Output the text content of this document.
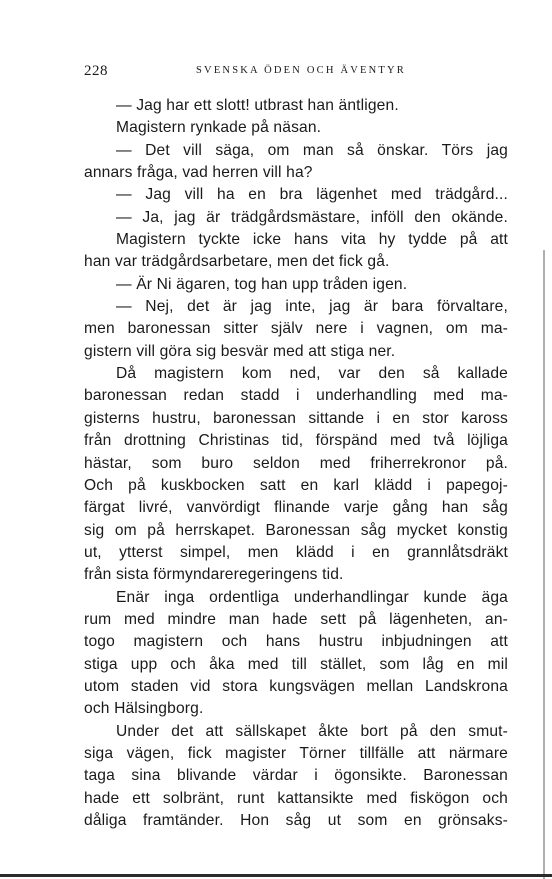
228	SVENSKA ÖDEN OCH ÄVENTYR
— Jag har ett slott! utbrast han äntligen.
Magistern rynkade på näsan.
— Det vill säga, om man så önskar. Törs jag
annars fråga, vad herren vill ha?
— Jag vill ha en bra lägenhet med trädgård...
— Ja, jag är trädgårdsmästare, inföll den okände.
Magistern tyckte icke hans vita hy tydde på att
han var trädgårdsarbetare, men det fick gå.
— Är Ni ägaren, tog han upp tråden igen.
— Nej, det är jag inte, jag är bara förvaltare,
men baronessan sitter själv nere i vagnen, om ma-
gistern vill göra sig besvär med att stiga ner.
Då magistern kom ned, var den så kallade
baronessan redan stadd i underhandling med ma-
gisterns hustru, baronessan sittande i en stor kaross
från drottning Christinas tid, förspänd med två löjliga
hästar, som buro seldon med friherrekronor på.
Och på kuskbocken satt en karl klädd i papegoj-
färgat livré, vanvördigt flinande varje gång han såg
sig om på herrskapet. Baronessan såg mycket konstig
ut, ytterst simpel, men klädd i en grannlåtsdräkt
från sista förmyndareregeringens tid.
Enär inga ordentliga underhandlingar kunde äga
rum med mindre man hade sett på lägenheten, an-
togo magistern och hans hustru inbjudningen att
stiga upp och åka med till stället, som låg en mil
utom staden vid stora kungsvägen mellan Landskrona
och Hälsingborg.
Under det att sällskapet åkte bort på den smut-
siga vägen, fick magister Törner tillfälle att närmare
taga sina blivande värdar i ögonsikte. Baronessan
hade ett solbränt, runt kattansikte med fiskögon och
dåliga framtänder. Hon såg ut som en grönsaks-
